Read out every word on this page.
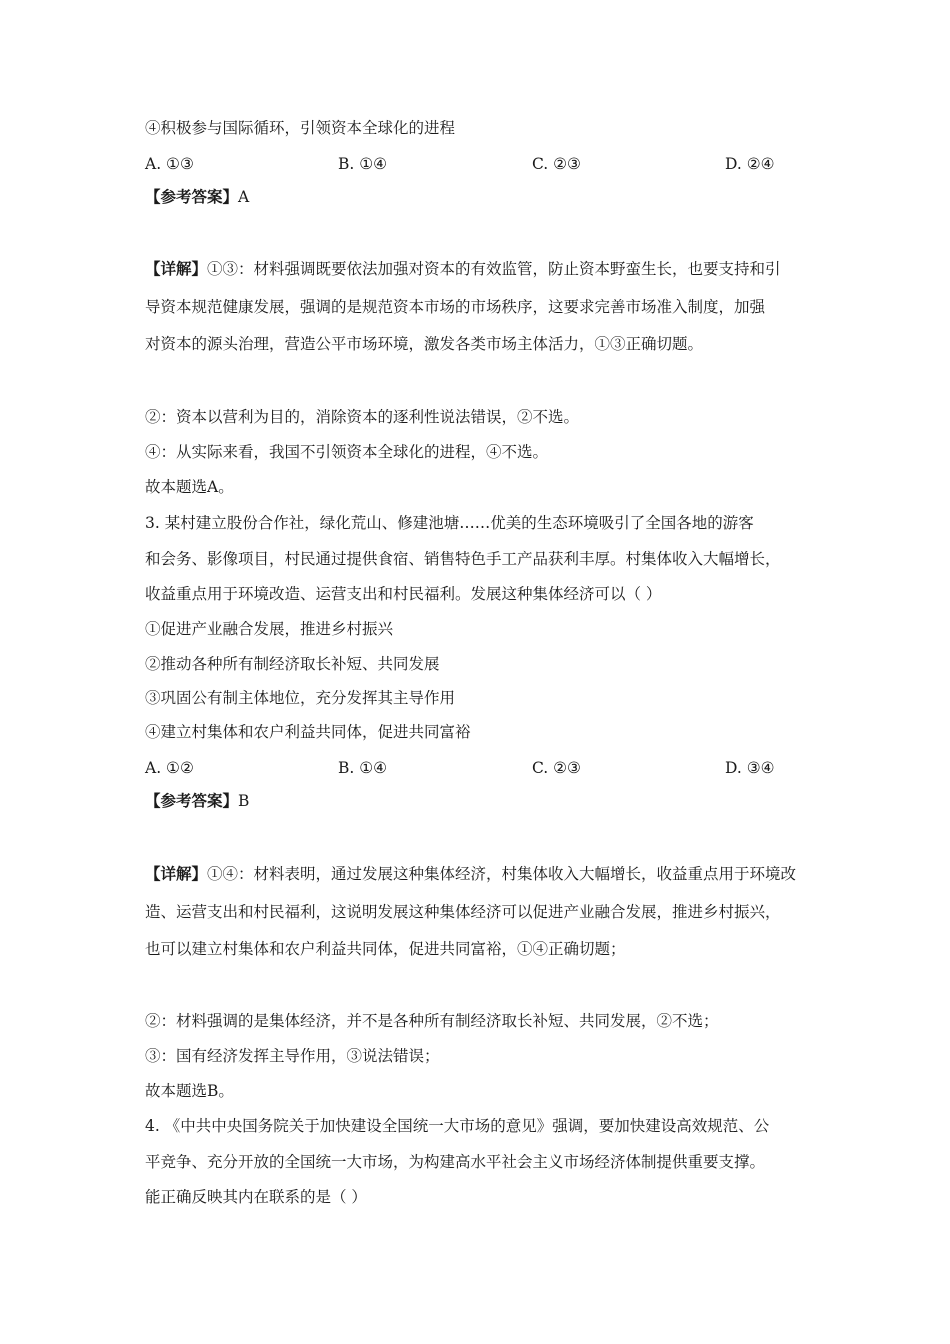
④积极参与国际循环，引领资本全球化的进程
A. ①③	B. ①④	C. ②③	D. ②④
【参考答案】A
【详解】①③：材料强调既要依法加强对资本的有效监管，防止资本野蛮生长，也要支持和引
导资本规范健康发展，强调的是规范资本市场的市场秩序，这要求完善市场准入制度，加强
对资本的源头治理，营造公平市场环境，激发各类市场主体活力，①③正确切题。
②：资本以营利为目的，消除资本的逐利性说法错误，②不选。
④：从实际来看，我国不引领资本全球化的进程，④不选。
故本题选A。
3. 某村建立股份合作社，绿化荒山、修建池塘……优美的生态环境吸引了全国各地的游客
和会务、影像项目，村民通过提供食宿、销售特色手工产品获利丰厚。村集体收入大幅增长，
收益重点用于环境改造、运营支出和村民福利。发展这种集体经济可以（ ）
①促进产业融合发展，推进乡村振兴
②推动各种所有制经济取长补短、共同发展
③巩固公有制主体地位，充分发挥其主导作用
④建立村集体和农户利益共同体，促进共同富裕
A. ①②	B. ①④	C. ②③	D. ③④
【参考答案】B
【详解】①④：材料表明，通过发展这种集体经济，村集体收入大幅增长，收益重点用于环境改
造、运营支出和村民福利，这说明发展这种集体经济可以促进产业融合发展，推进乡村振兴，
也可以建立村集体和农户利益共同体，促进共同富裕，①④正确切题；
②：材料强调的是集体经济，并不是各种所有制经济取长补短、共同发展，②不选；
③：国有经济发挥主导作用，③说法错误；
故本题选B。
4. 《中共中央国务院关于加快建设全国统一大市场的意见》强调，要加快建设高效规范、公
平竞争、充分开放的全国统一大市场，为构建高水平社会主义市场经济体制提供重要支撑。
能正确反映其内在联系的是（ ）
